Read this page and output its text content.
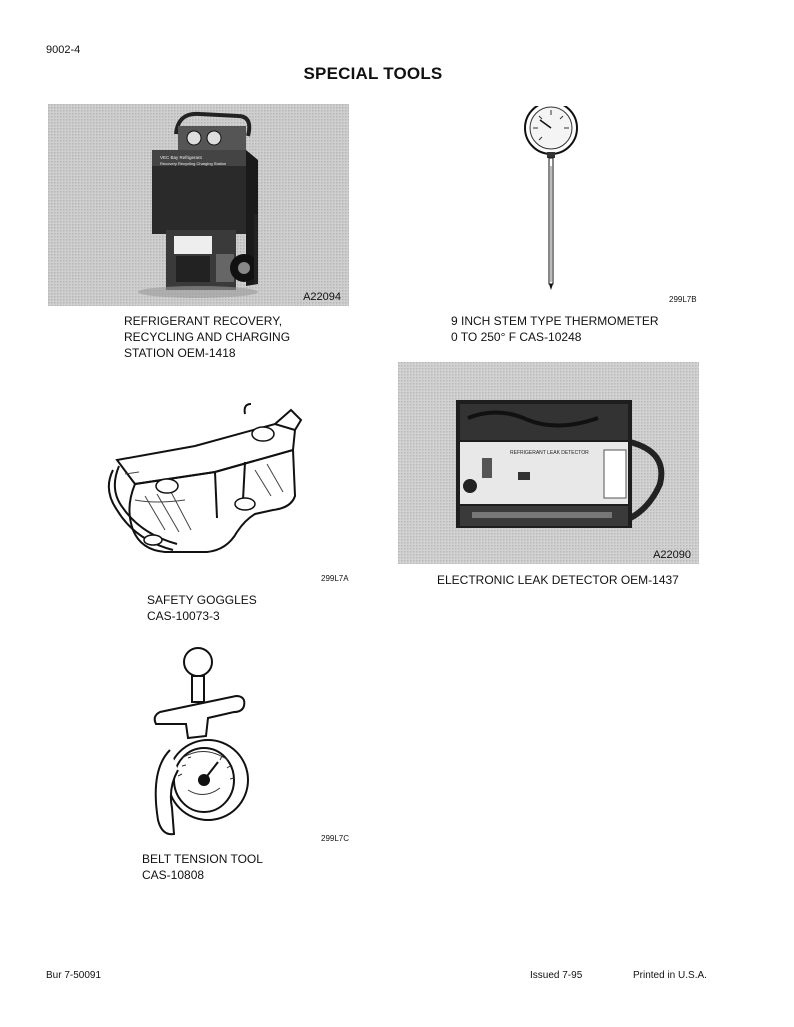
9002-4
SPECIAL TOOLS
VEC Bay Refrigerant
Recovery Recycling Charging Station
A22094
REFRIGERANT RECOVERY,
RECYCLING AND CHARGING
STATION OEM-1418
299L7B
9 INCH STEM TYPE THERMOMETER
0 TO 250° F CAS-10248
299L7A
SAFETY GOGGLES
CAS-10073-3
REFRIGERANT LEAK DETECTOR
A22090
ELECTRONIC LEAK DETECTOR OEM-1437
299L7C
BELT TENSION TOOL
CAS-10808
Bur 7-50091	Issued 7-95	Printed in U.S.A.
